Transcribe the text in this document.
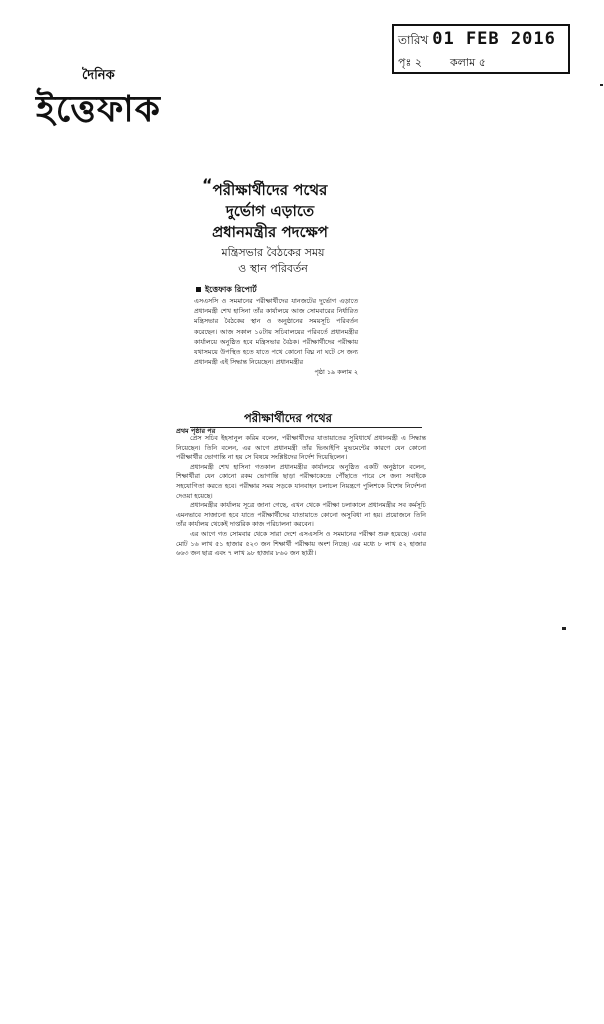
তারিখ 01 FEB 2016
পৃঃ ২	কলাম ৫
দৈনিক
ইত্তেফাক
“ পরীক্ষার্থীদের পথের
দুর্ভোগ এড়াতে
প্রধানমন্ত্রীর পদক্ষেপ
মন্ত্রিসভার বৈঠকের সময়
ও স্থান পরিবর্তন
ইত্তেফাক রিপোর্ট
এসএসসি ও সমমানের পরীক্ষার্থীদের যানজটের দুর্ভোগ এড়াতে প্রধানমন্ত্রী শেখ হাসিনা তাঁর কার্যালয়ে আজ সোমবারের নির্ধারিত মন্ত্রিসভার বৈঠকের স্থান ও অনুষ্ঠানের সময়সূচি পরিবর্তন করেছেন। আজ সকাল ১০টায় সচিবালয়ের পরিবর্তে প্রধানমন্ত্রীর কার্যালয়ে অনুষ্ঠিত হবে মন্ত্রিসভার বৈঠক। পরীক্ষার্থীদের পরীক্ষায় যথাসময়ে উপস্থিত হতে যাতে পথে কোনো বিঘ্ন না ঘটে সে জন্য প্রধানমন্ত্রী এই সিদ্ধান্ত নিয়েছেন। প্রধানমন্ত্রীর
পৃষ্ঠা ১৯ কলাম ২
পরীক্ষার্থীদের পথের
প্রথম পৃষ্ঠার পর

প্রেস সচিব ইহসানুল করিম বলেন, পরীক্ষার্থীদের যাতায়াতের সুবিধার্থে প্রধানমন্ত্রী এ সিদ্ধান্ত নিয়েছেন। তিনি বলেন, এর আগে প্রধানমন্ত্রী তাঁর ভিআইপি মুভমেন্টের কারণে যেন কোনো পরীক্ষার্থীর ভোগান্তি না হয় সে বিষয়ে সংশ্লিষ্টদের নির্দেশ দিয়েছিলেন।

প্রধানমন্ত্রী শেখ হাসিনা গতকাল প্রধানমন্ত্রীর কার্যালয়ে অনুষ্ঠিত একটি অনুষ্ঠানে বলেন, শিক্ষার্থীরা যেন কোনো রকম ভোগান্তি ছাড়া পরীক্ষাকেন্দ্রে পৌঁছাতে পারে সে জন্য সবাইকে সহযোগিতা করতে হবে। পরীক্ষার সময় সড়কে যানবাহন চলাচল নিয়ন্ত্রণে পুলিশকে বিশেষ নির্দেশনা দেওয়া হয়েছে।

প্রধানমন্ত্রীর কার্যালয় সূত্রে জানা গেছে, এখন থেকে পরীক্ষা চলাকালে প্রধানমন্ত্রীর সব কর্মসূচি এমনভাবে সাজানো হবে যাতে পরীক্ষার্থীদের যাতায়াতে কোনো অসুবিধা না হয়। প্রয়োজনে তিনি তাঁর কার্যালয় থেকেই দাপ্তরিক কাজ পরিচালনা করবেন।

এর আগে গত সোমবার থেকে সারা দেশে এসএসসি ও সমমানের পরীক্ষা শুরু হয়েছে। এবার মোট ১৬ লাখ ৫১ হাজার ৫২৩ জন শিক্ষার্থী পরীক্ষায় অংশ নিচ্ছে। এর মধ্যে ৮ লাখ ৫২ হাজার ৬৬৩ জন ছাত্র এবং ৭ লাখ ৯৮ হাজার ৮৬০ জন ছাত্রী।
